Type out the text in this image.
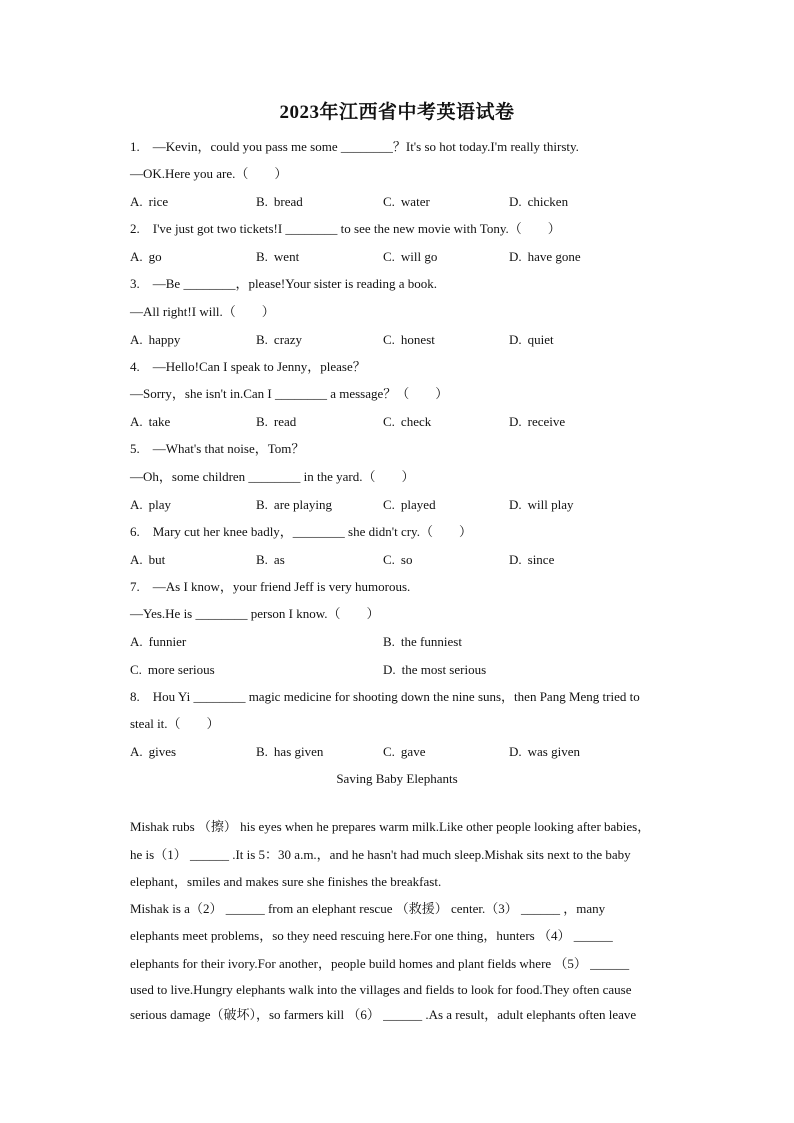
2023年江西省中考英语试卷
1.　—Kevin，could you pass me some ________？It's so hot today.I'm really thirsty.
—OK.Here you are.（　　）
A. rice	B. bread	C. water	D. chicken
2.　I've just got two tickets!I ________ to see the new movie with Tony.（　　）
A. go	B. went	C. will go	D. have gone
3.　—Be ________，please!Your sister is reading a book.
—All right!I will.（　　）
A. happy	B. crazy	C. honest	D. quiet
4.　—Hello!Can I speak to Jenny，please？
—Sorry，she isn't in.Can I ________ a message？（　　）
A. take	B. read	C. check	D. receive
5.　—What's that noise，Tom？
—Oh，some children ________ in the yard.（　　）
A. play	B. are playing	C. played	D. will play
6.　Mary cut her knee badly，________ she didn't cry.（　　）
A. but	B. as	C. so	D. since
7.　—As I know，your friend Jeff is very humorous.
—Yes.He is ________ person I know.（　　）
A. funnier	B. the funniest
C. more serious	D. the most serious
8.　Hou Yi ________ magic medicine for shooting down the nine suns，then Pang Meng tried to
steal it.（　　）
A. gives	B. has given	C. gave	D. was given
Saving Baby Elephants
Mishak rubs （擦） his eyes when he prepares warm milk.Like other people looking after babies，
he is（1） ______ .It is 5：30 a.m.，and he hasn't had much sleep.Mishak sits next to the baby
elephant，smiles and makes sure she finishes the breakfast.
Mishak is a（2） ______ from an elephant rescue （救援） center.（3） ______ ，many
elephants meet problems，so they need rescuing here.For one thing，hunters （4） ______
elephants for their ivory.For another，people build homes and plant fields where （5） ______
used to live.Hungry elephants walk into the villages and fields to look for food.They often cause
serious damage（破坏），so farmers kill （6） ______ .As a result，adult elephants often leave
